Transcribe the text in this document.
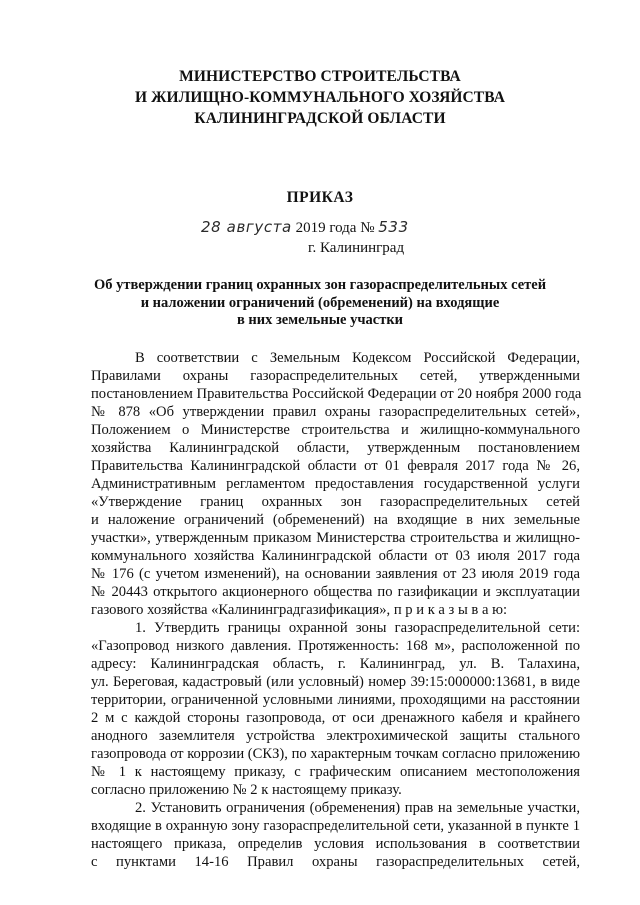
МИНИСТЕРСТВО СТРОИТЕЛЬСТВА
И ЖИЛИЩНО-КОММУНАЛЬНОГО ХОЗЯЙСТВА
КАЛИНИНГРАДСКОЙ ОБЛАСТИ
ПРИКАЗ
28 августа 2019 года № 533
г. Калининград
Об утверждении границ охранных зон газораспределительных сетей
и наложении ограничений (обременений) на входящие
в них земельные участки
В соответствии с Земельным Кодексом Российской Федерации,
Правилами охраны газораспределительных сетей, утвержденными
постановлением Правительства Российской Федерации от 20 ноября 2000 года
№ 878 «Об утверждении правил охраны газораспределительных сетей»,
Положением о Министерстве строительства и жилищно-коммунального
хозяйства Калининградской области, утвержденным постановлением
Правительства Калининградской области от 01 февраля 2017 года № 26,
Административным регламентом предоставления государственной услуги
«Утверждение границ охранных зон газораспределительных сетей
и наложение ограничений (обременений) на входящие в них земельные
участки», утвержденным приказом Министерства строительства и жилищно-
коммунального хозяйства Калининградской области от 03 июля 2017 года
№ 176 (с учетом изменений), на основании заявления от 23 июля 2019 года
№ 20443 открытого акционерного общества по газификации и эксплуатации
газового хозяйства «Калининградгазификация», п р и к а з ы в а ю:
1. Утвердить границы охранной зоны газораспределительной сети:
«Газопровод низкого давления. Протяженность: 168 м», расположенной по
адресу: Калининградская область, г. Калининград, ул. В. Талахина,
ул. Береговая, кадастровый (или условный) номер 39:15:000000:13681, в виде
территории, ограниченной условными линиями, проходящими на расстоянии
2 м с каждой стороны газопровода, от оси дренажного кабеля и крайнего
анодного заземлителя устройства электрохимической защиты стального
газопровода от коррозии (СКЗ), по характерным точкам согласно приложению
№ 1 к настоящему приказу, с графическим описанием местоположения
согласно приложению № 2 к настоящему приказу.
2. Установить ограничения (обременения) прав на земельные участки,
входящие в охранную зону газораспределительной сети, указанной в пункте 1
настоящего приказа, определив условия использования в соответствии
с пунктами 14-16 Правил охраны газораспределительных сетей,
